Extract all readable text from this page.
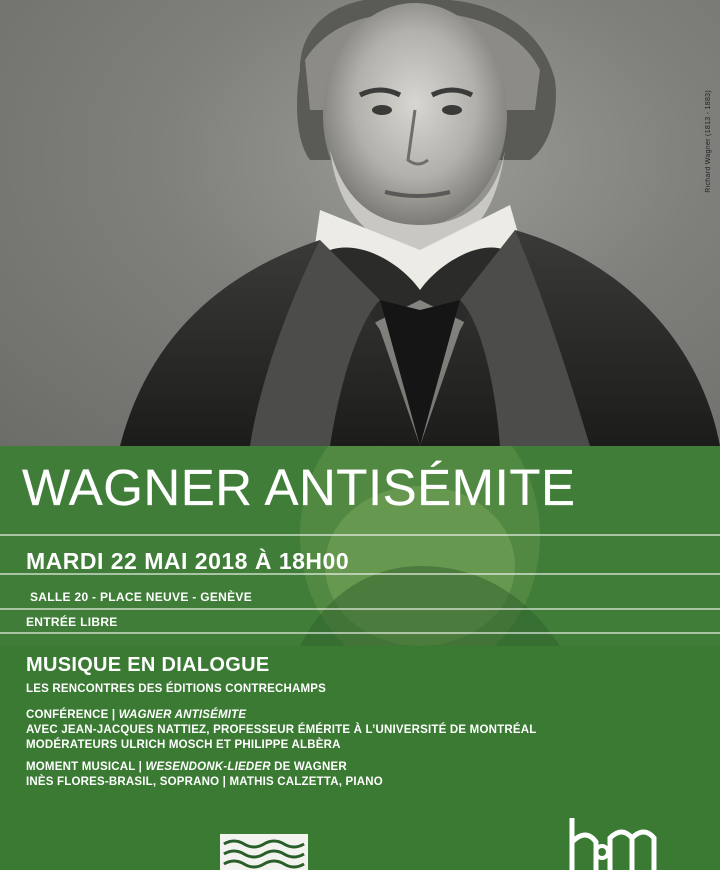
Richard Wagner (1813 - 1883)
WAGNER ANTISÉMITE
MARDI 22 MAI 2018 À 18H00
SALLE 20 - PLACE NEUVE - GENÈVE
ENTRÉE LIBRE
MUSIQUE EN DIALOGUE
LES RENCONTRES DES ÉDITIONS CONTRECHAMPS
CONFÉRENCE | WAGNER ANTISÉMITE
AVEC JEAN-JACQUES NATTIEZ, PROFESSEUR ÉMÉRITE À L’UNIVERSITÉ DE MONTRÉAL
MODÉRATEURS ULRICH MOSCH ET PHILIPPE ALBÈRA
MOMENT MUSICAL | WESENDONK-LIEDER DE WAGNER
INÈS FLORES-BRASIL, SOPRANO | MATHIS CALZETTA, PIANO
